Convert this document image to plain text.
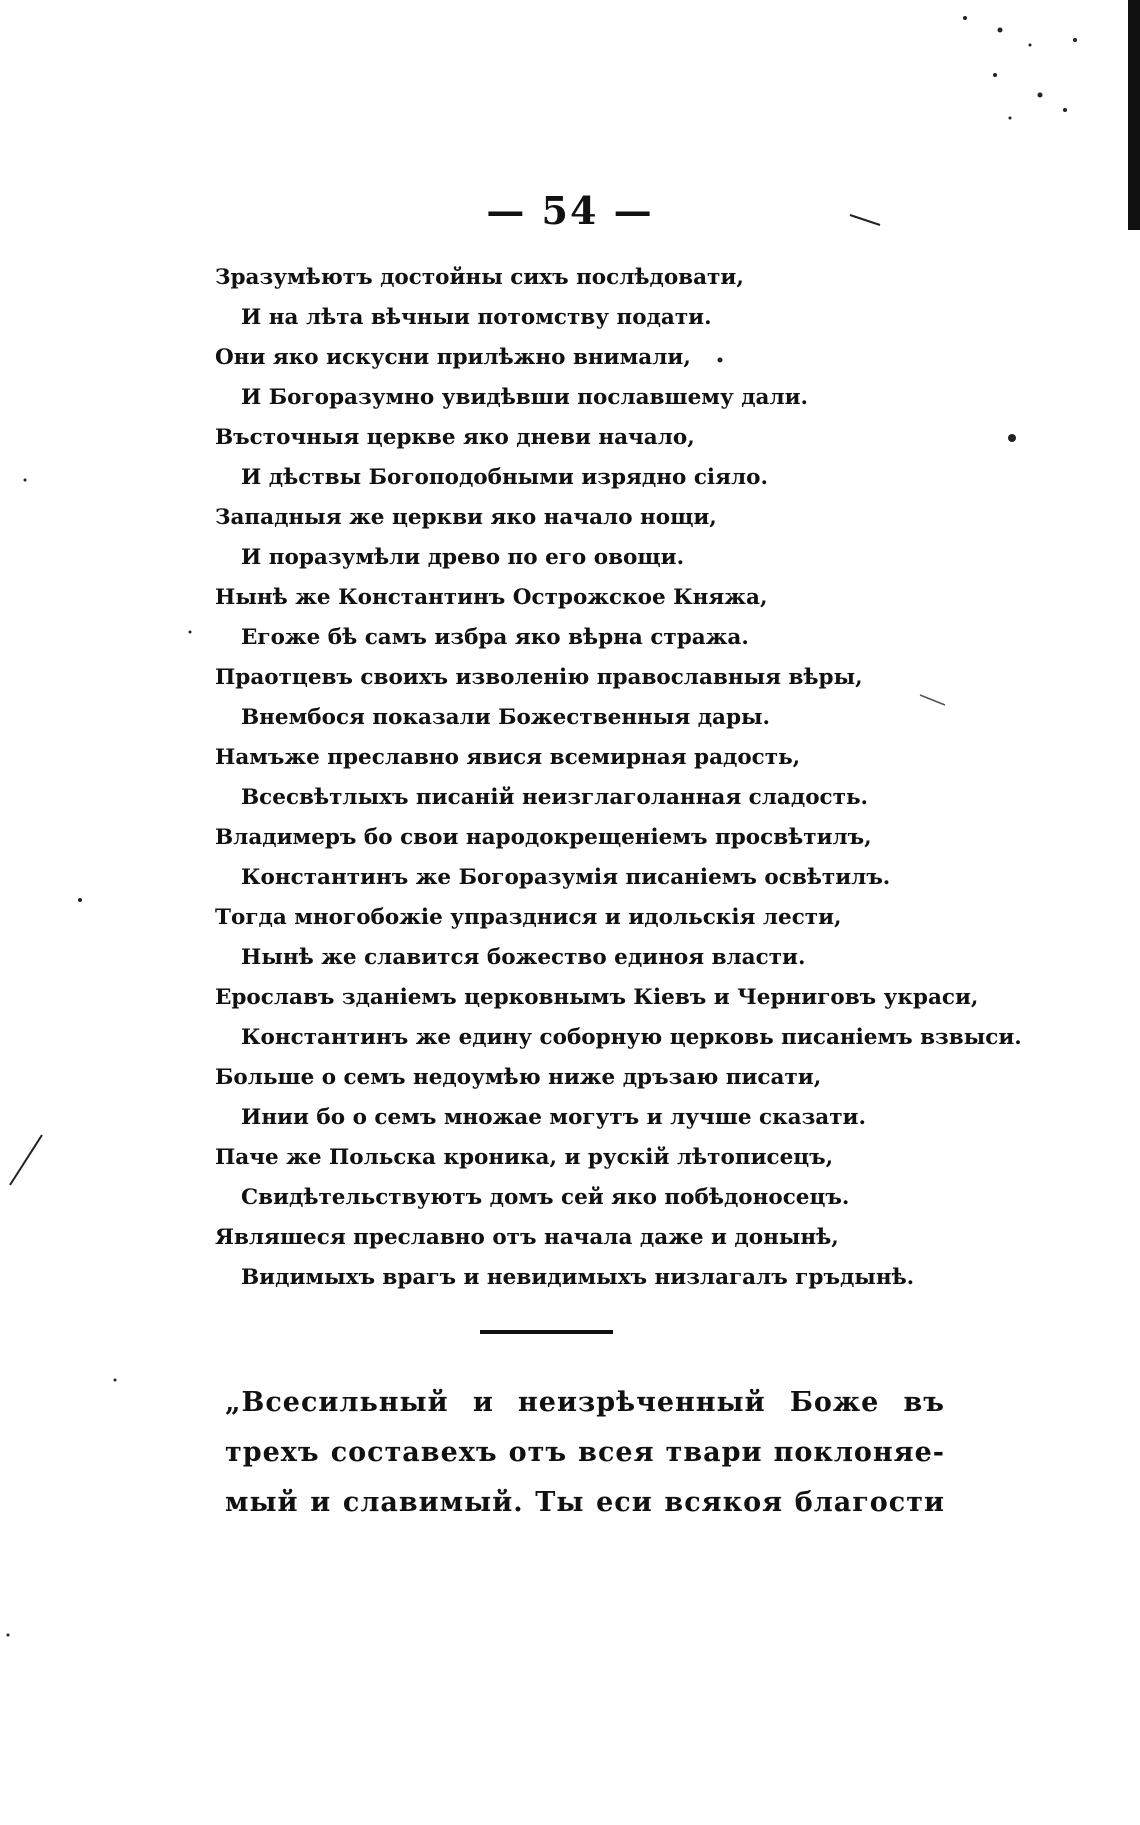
— 54 —
Зразумѣютъ достойны сихъ послѣдовати,
И на лѣта вѣчныи потомству подати.
Они яко искусни прилѣжно внимали,
И Богоразумно увидѣвши пославшему дали.
Въсточныя церкве яко дневи начало,
И дѣствы Богоподобными изрядно сіяло.
Западныя же церкви яко начало нощи,
И поразумѣли древо по его овощи.
Нынѣ же Константинъ Острожское Княжа,
Егоже бѣ самъ избра яко вѣрна стража.
Праотцевъ своихъ изволенію православныя вѣры,
Внембося показали Божественныя дары.
Намъже преславно явися всемирная радость,
Всесвѣтлыхъ писаній неизглаголанная сладость.
Владимеръ бо свои народокрещеніемъ просвѣтилъ,
Константинъ же Богоразумія писаніемъ освѣтилъ.
Тогда многобожіе упразднися и идольскія лести,
Нынѣ же славится божество единоя власти.
Ерославъ зданіемъ церковнымъ Кіевъ и Черниговъ украси,
Константинъ же едину соборную церковь писаніемъ взвыси.
Больше о семъ недоумѣю ниже дръзаю писати,
Инии бо о семъ множае могутъ и лучше сказати.
Паче же Польска кроника, и рускій лѣтописецъ,
Свидѣтельствуютъ домъ сей яко побѣдоносецъ.
Являшеся преславно отъ начала даже и донынѣ,
Видимыхъ врагъ и невидимыхъ низлагалъ гръдынѣ.
„Всесильный и неизрѣченный Боже въ
трехъ составехъ отъ всея твари поклоняе-
мый и славимый. Ты еси всякоя благости
